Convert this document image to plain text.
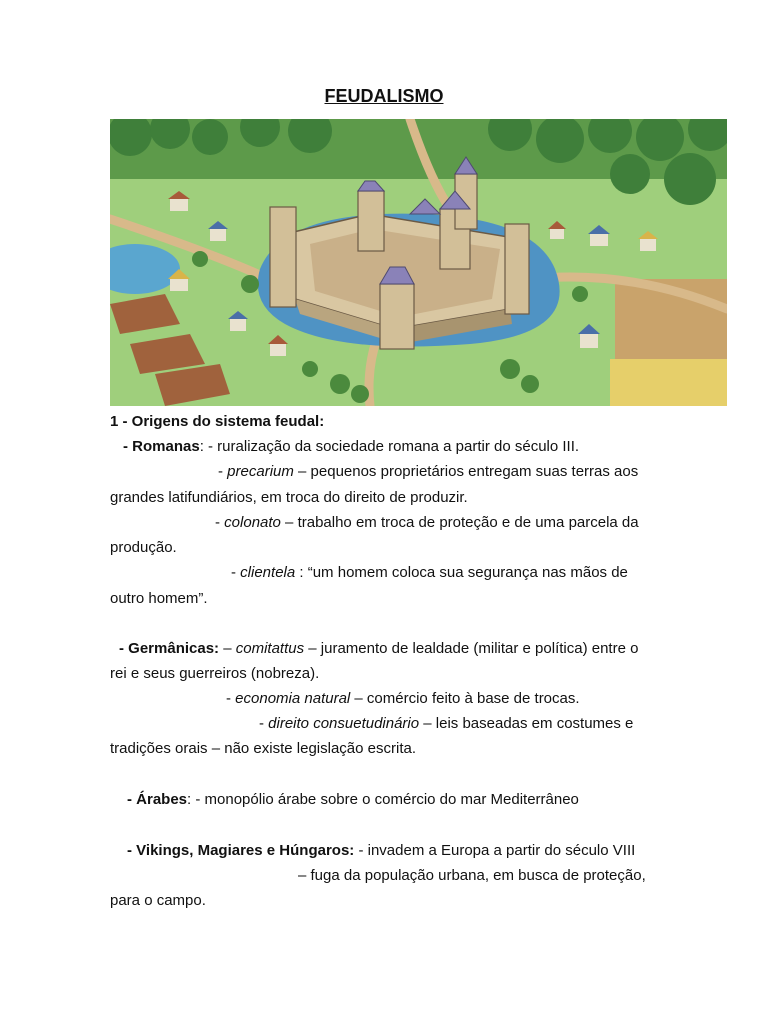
FEUDALISMO
1 - Origens do sistema feudal:
- Romanas: - ruralização da sociedade romana a partir do século III.
- precarium – pequenos proprietários entregam suas terras aos
grandes latifundiários, em troca do direito de produzir.
- colonato – trabalho em troca de proteção e de uma parcela da
produção.
- clientela : “um homem coloca sua segurança nas mãos de
outro homem”.
- Germânicas: – comitattus – juramento de lealdade (militar e política) entre o
rei e seus guerreiros (nobreza).
- economia natural – comércio feito à base de trocas.
- direito consuetudinário – leis baseadas em costumes e
tradições orais – não existe legislação escrita.
- Árabes: - monopólio árabe sobre o comércio do mar Mediterrâneo
- Vikings, Magiares e Húngaros: - invadem a Europa a partir do século VIII
– fuga da população urbana, em busca de proteção,
para o campo.
